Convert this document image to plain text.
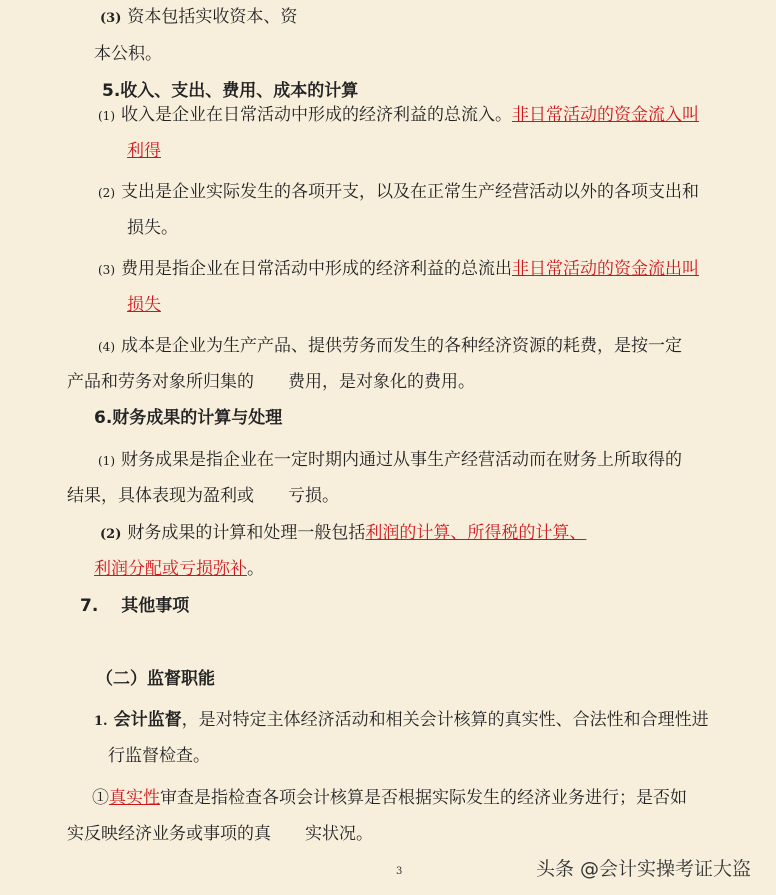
(3) 资本包括实收资本、资
本公积。
5.收入、支出、费用、成本的计算
(1) 收入是企业在日常活动中形成的经济利益的总流入。非日常活动的资金流入叫
利得
(2) 支出是企业实际发生的各项开支，以及在正常生产经营活动以外的各项支出和
损失。
(3) 费用是指企业在日常活动中形成的经济利益的总流出非日常活动的资金流出叫
损失
(4) 成本是企业为生产产品、提供劳务而发生的各种经济资源的耗费，是按一定
产品和劳务对象所归集的　　费用，是对象化的费用。
6.财务成果的计算与处理
(1) 财务成果是指企业在一定时期内通过从事生产经营活动而在财务上所取得的
结果，具体表现为盈利或　　亏损。
(2) 财务成果的计算和处理一般包括利润的计算、所得税的计算、
利润分配或亏损弥补。
7.　 其他事项
（二）监督职能
1. 会计监督，是对特定主体经济活动和相关会计核算的真实性、合法性和合理性进
行监督检查。
①真实性审查是指检查各项会计核算是否根据实际发生的经济业务进行；是否如
实反映经济业务或事项的真　　实状况。
3	头条 @会计实操考证大盗
